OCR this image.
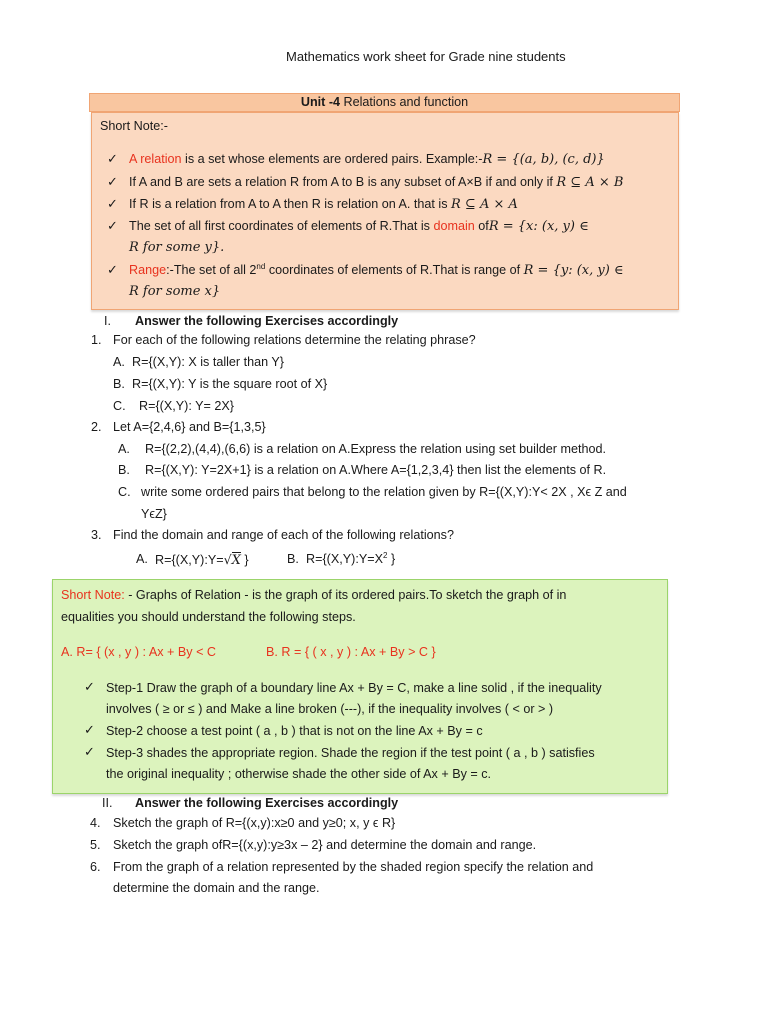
Mathematics work sheet for Grade nine students
Unit -4 Relations and function
Short Note:-
✓ A relation is a set whose elements are ordered pairs. Example:-R = {(a, b), (c, d)}
✓ If A and B are sets a relation R from A to B is any subset of A×B if and only if R ⊆ A × B
✓ If R is a relation from A to A then R is relation on A. that is R ⊆ A × A
✓ The set of all first coordinates of elements of R.That is domain ofR = {x: (x, y) ∈
R for some y}.
✓ Range:-The set of all 2nd coordinates of elements of R.That is range of R = {y: (x, y) ∈
R for some x}
I. Answer the following Exercises accordingly
1. For each of the following relations determine the relating phrase?
A. R={(X,Y): X is taller than Y}
B. R={(X,Y): Y is the square root of X}
C. R={(X,Y): Y= 2X}
2. Let A={2,4,6} and B={1,3,5}
A. R={(2,2),(4,4),(6,6) is a relation on A.Express the relation using set builder method.
B. R={(X,Y): Y=2X+1} is a relation on A.Where A={1,2,3,4} then list the elements of R.
C. write some ordered pairs that belong to the relation given by R={(X,Y):Y< 2X , Xϵ Z and
YϵZ}
3. Find the domain and range of each of the following relations?
A. R={(X,Y):Y=√X }	B. $R=\{(X,Y):Y=X^2$ }
Short Note: - Graphs of Relation - is the graph of its ordered pairs.To sketch the graph of in
equalities you should understand the following steps.
A. R= { (x , y ) : Ax + By < C	B. R = { ( x , y ) : Ax + By > C }
✓ Step-1 Draw the graph of a boundary line Ax + By = C, make a line solid , if the inequality
involves ( ≥ or ≤ ) and Make a line broken (---), if the inequality involves ( < or > )
✓ Step-2 choose a test point ( a , b ) that is not on the line Ax + By = c
✓ Step-3 shades the appropriate region. Shade the region if the test point ( a , b ) satisfies
the original inequality ; otherwise shade the other side of Ax + By = c.
II. Answer the following Exercises accordingly
4. Sketch the graph of R={(x,y):x≥0 and y≥0; x, y ϵ R}
5. Sketch the graph ofR={(x,y):y≥3x – 2} and determine the domain and range.
6. From the graph of a relation represented by the shaded region specify the relation and
determine the domain and the range.
